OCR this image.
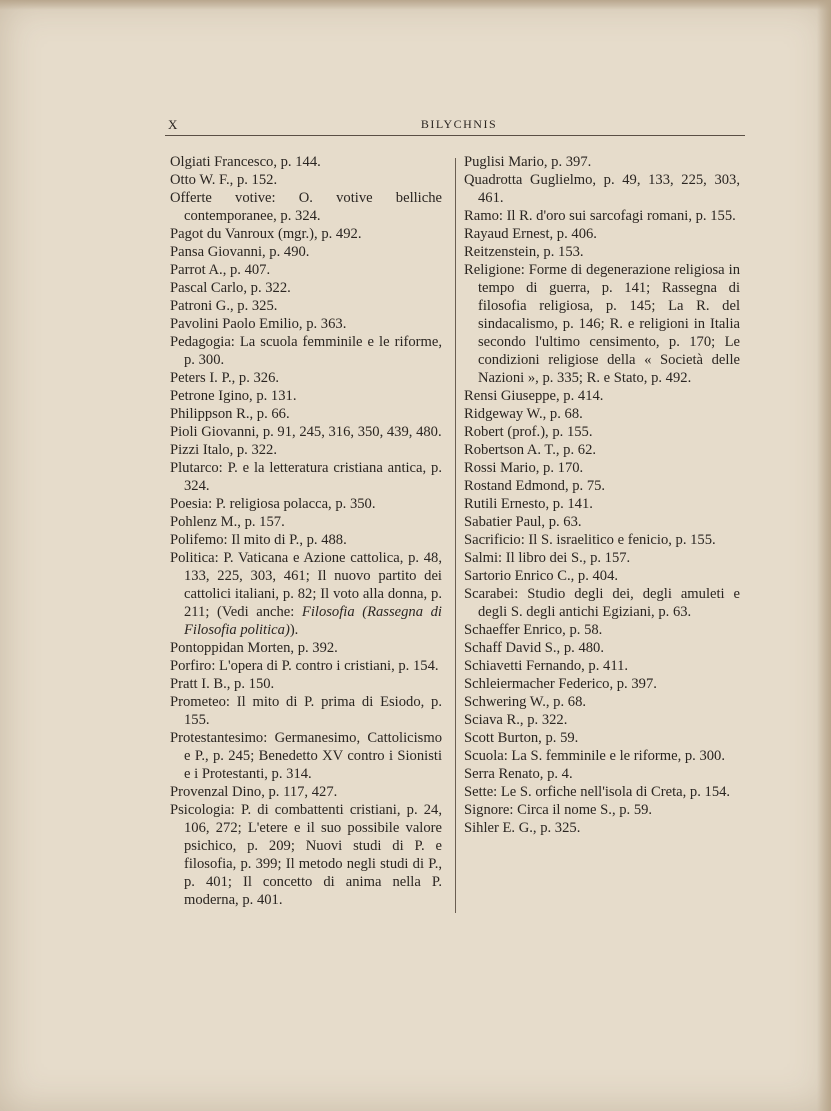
X	BILYCHNIS

Olgiati Francesco, p. 144.

Otto W. F., p. 152.

Offerte votive: O. votive belliche contemporanee, p. 324.

Pagot du Vanroux (mgr.), p. 492.

Pansa Giovanni, p. 490.

Parrot A., p. 407.

Pascal Carlo, p. 322.

Patroni G., p. 325.

Pavolini Paolo Emilio, p. 363.

Pedagogia: La scuola femminile e le riforme, p. 300.

Peters I. P., p. 326.

Petrone Igino, p. 131.

Philippson R., p. 66.

Pioli Giovanni, p. 91, 245, 316, 350, 439, 480.

Pizzi Italo, p. 322.

Plutarco: P. e la letteratura cristiana antica, p. 324.

Poesia: P. religiosa polacca, p. 350.

Pohlenz M., p. 157.

Polifemo: Il mito di P., p. 488.

Politica: P. Vaticana e Azione cattolica, p. 48, 133, 225, 303, 461; Il nuovo partito dei cattolici italiani, p. 82; Il voto alla donna, p. 211; (Vedi anche: Filosofia (Rassegna di Filosofia politica)).

Pontoppidan Morten, p. 392.

Porfiro: L'opera di P. contro i cristiani, p. 154.

Pratt I. B., p. 150.

Prometeo: Il mito di P. prima di Esiodo, p. 155.

Protestantesimo: Germanesimo, Cattolicismo e P., p. 245; Benedetto XV contro i Sionisti e i Protestanti, p. 314.

Provenzal Dino, p. 117, 427.

Psicologia: P. di combattenti cristiani, p. 24, 106, 272; L'etere e il suo possibile valore psichico, p. 209; Nuovi studi di P. e filosofia, p. 399; Il metodo negli studi di P., p. 401; Il concetto di anima nella P. moderna, p. 401.

Puglisi Mario, p. 397.

Quadrotta Guglielmo, p. 49, 133, 225, 303, 461.

Ramo: Il R. d'oro sui sarcofagi romani, p. 155.

Rayaud Ernest, p. 406.

Reitzenstein, p. 153.

Religione: Forme di degenerazione religiosa in tempo di guerra, p. 141; Rassegna di filosofia religiosa, p. 145; La R. del sindacalismo, p. 146; R. e religioni in Italia secondo l'ultimo censimento, p. 170; Le condizioni religiose della « Società delle Nazioni », p. 335; R. e Stato, p. 492.

Rensi Giuseppe, p. 414.

Ridgeway W., p. 68.

Robert (prof.), p. 155.

Robertson A. T., p. 62.

Rossi Mario, p. 170.

Rostand Edmond, p. 75.

Rutili Ernesto, p. 141.

Sabatier Paul, p. 63.

Sacrificio: Il S. israelitico e fenicio, p. 155.

Salmi: Il libro dei S., p. 157.

Sartorio Enrico C., p. 404.

Scarabei: Studio degli dei, degli amuleti e degli S. degli antichi Egiziani, p. 63.

Schaeffer Enrico, p. 58.

Schaff David S., p. 480.

Schiavetti Fernando, p. 411.

Schleiermacher Federico, p. 397.

Schwering W., p. 68.

Sciava R., p. 322.

Scott Burton, p. 59.

Scuola: La S. femminile e le riforme, p. 300.

Serra Renato, p. 4.

Sette: Le S. orfiche nell'isola di Creta, p. 154.

Signore: Circa il nome S., p. 59.

Sihler E. G., p. 325.
